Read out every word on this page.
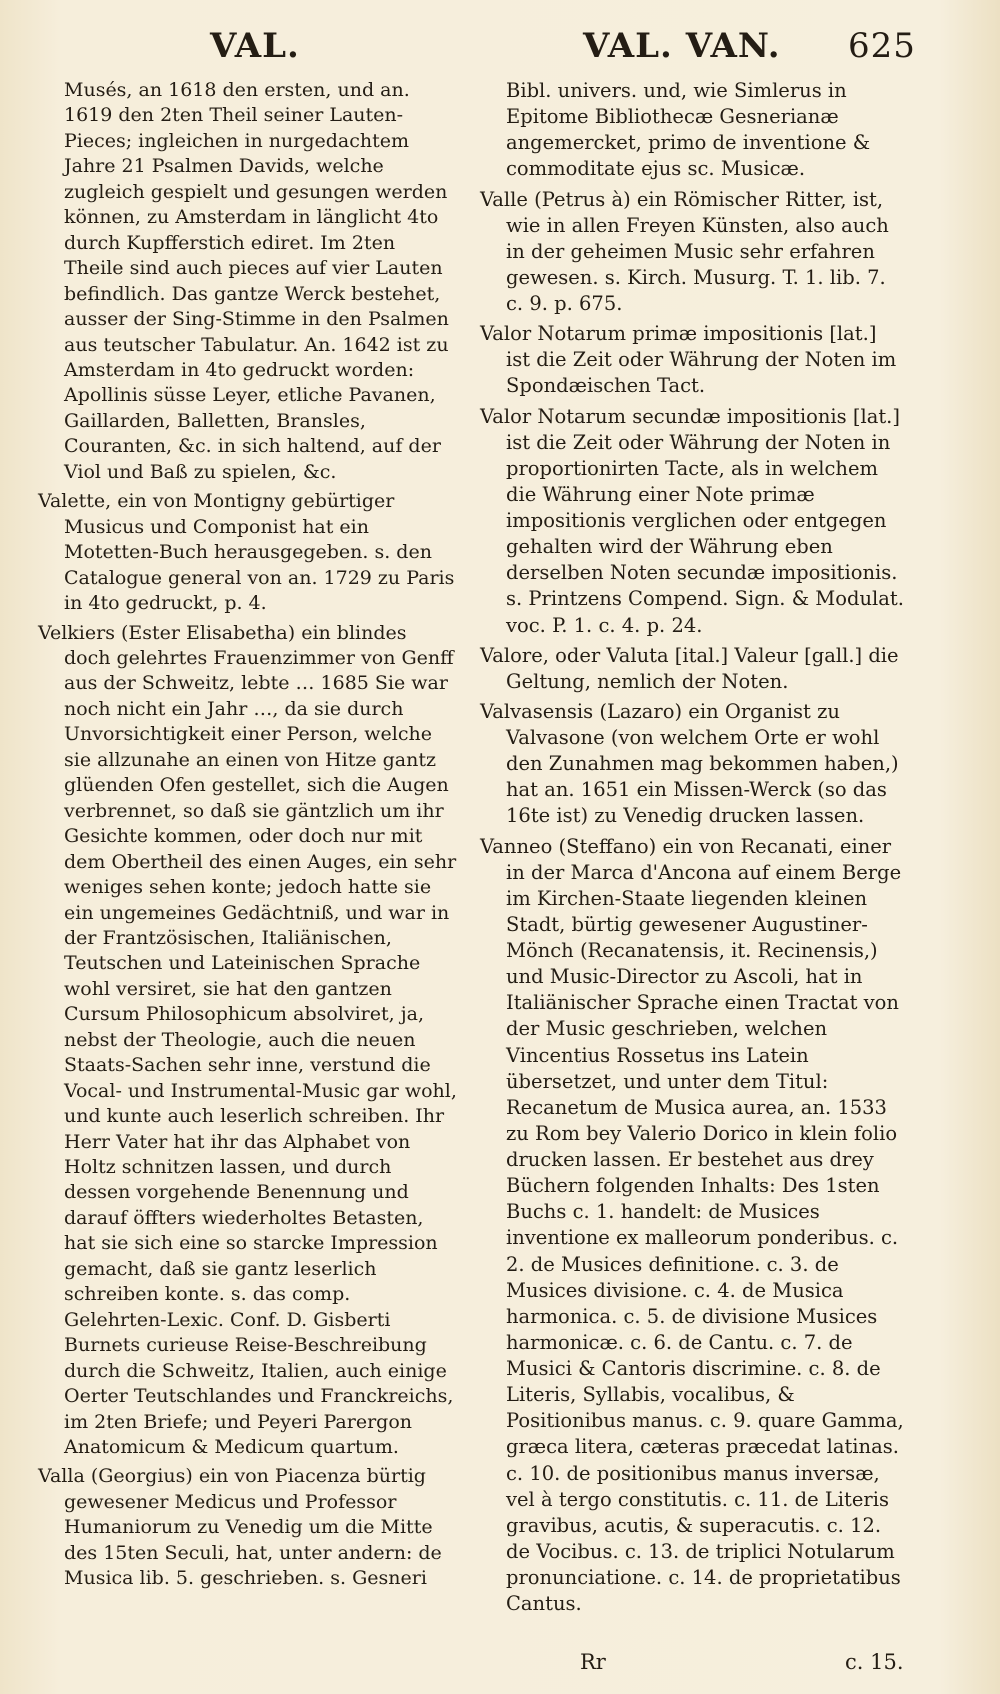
VAL.	VAL. VAN. 625

Musés, an 1618 den ersten, und an. 1619 den 2ten Theil seiner Lauten-Pieces; ingleichen in nurgedachtem Jahre 21 Psalmen Davids, welche zugleich gespielt und gesungen werden können, zu Amsterdam in länglicht 4to durch Kupfferstich ediret. Im 2ten Theile sind auch pieces auf vier Lauten befindlich. Das gantze Werck bestehet, ausser der Sing-Stimme in den Psalmen aus teutscher Tabulatur. An. 1642 ist zu Amsterdam in 4to gedruckt worden: Apollinis süsse Leyer, etliche Pavanen, Gaillarden, Balletten, Bransles, Couranten, &c. in sich haltend, auf der Viol und Baß zu spielen, &c.

Valette, ein von Montigny gebürtiger Musicus und Componist hat ein Motetten-Buch herausgegeben. s. den Catalogue general von an. 1729 zu Paris in 4to gedruckt, p. 4.

Velkiers (Ester Elisabetha) ein blindes doch gelehrtes Frauenzimmer von Genff aus der Schweitz, lebte … 1685 Sie war noch nicht ein Jahr …, da sie durch Unvorsichtigkeit einer Person, welche sie allzunahe an einen von Hitze gantz glüenden Ofen gestellet, sich die Augen verbrennet, so daß sie gäntzlich um ihr Gesichte kommen, oder doch nur mit dem Obertheil des einen Auges, ein sehr weniges sehen konte; jedoch hatte sie ein ungemeines Gedächtniß, und war in der Frantzösischen, Italiänischen, Teutschen und Lateinischen Sprache wohl versiret, sie hat den gantzen Cursum Philosophicum absolviret, ja, nebst der Theologie, auch die neuen Staats-Sachen sehr inne, verstund die Vocal- und Instrumental-Music gar wohl, und kunte auch leserlich schreiben. Ihr Herr Vater hat ihr das Alphabet von Holtz schnitzen lassen, und durch dessen vorgehende Benennung und darauf öffters wiederholtes Betasten, hat sie sich eine so starcke Impression gemacht, daß sie gantz leserlich schreiben konte. s. das comp. Gelehrten-Lexic. Conf. D. Gisberti Burnets curieuse Reise-Beschreibung durch die Schweitz, Italien, auch einige Oerter Teutschlandes und Franckreichs, im 2ten Briefe; und Peyeri Parergon Anatomicum & Medicum quartum.

Valla (Georgius) ein von Piacenza bürtig gewesener Medicus und Professor Humaniorum zu Venedig um die Mitte des 15ten Seculi, hat, unter andern: de Musica lib. 5. geschrieben. s. Gesneri

Bibl. univers. und, wie Simlerus in Epitome Bibliothecæ Gesnerianæ angemercket, primo de inventione & commoditate ejus sc. Musicæ.

Valle (Petrus à) ein Römischer Ritter, ist, wie in allen Freyen Künsten, also auch in der geheimen Music sehr erfahren gewesen. s. Kirch. Musurg. T. 1. lib. 7. c. 9. p. 675.

Valor Notarum primæ impositionis [lat.] ist die Zeit oder Währung der Noten im Spondæischen Tact.

Valor Notarum secundæ impositionis [lat.] ist die Zeit oder Währung der Noten in proportionirten Tacte, als in welchem die Währung einer Note primæ impositionis verglichen oder entgegen gehalten wird der Währung eben derselben Noten secundæ impositionis. s. Printzens Compend. Sign. & Modulat. voc. P. 1. c. 4. p. 24.

Valore, oder Valuta [ital.] Valeur [gall.] die Geltung, nemlich der Noten.

Valvasensis (Lazaro) ein Organist zu Valvasone (von welchem Orte er wohl den Zunahmen mag bekommen haben,) hat an. 1651 ein Missen-Werck (so das 16te ist) zu Venedig drucken lassen.

Vanneo (Steffano) ein von Recanati, einer in der Marca d'Ancona auf einem Berge im Kirchen-Staate liegenden kleinen Stadt, bürtig gewesener Augustiner-Mönch (Recanatensis, it. Recinensis,) und Music-Director zu Ascoli, hat in Italiänischer Sprache einen Tractat von der Music geschrieben, welchen Vincentius Rossetus ins Latein übersetzet, und unter dem Titul: Recanetum de Musica aurea, an. 1533 zu Rom bey Valerio Dorico in klein folio drucken lassen. Er bestehet aus drey Büchern folgenden Inhalts: Des 1sten Buchs c. 1. handelt: de Musices inventione ex malleorum ponderibus. c. 2. de Musices definitione. c. 3. de Musices divisione. c. 4. de Musica harmonica. c. 5. de divisione Musices harmonicæ. c. 6. de Cantu. c. 7. de Musici & Cantoris discrimine. c. 8. de Literis, Syllabis, vocalibus, & Positionibus manus. c. 9. quare Gamma, græca litera, cæteras præcedat latinas. c. 10. de positionibus manus inversæ, vel à tergo constitutis. c. 11. de Literis gravibus, acutis, & superacutis. c. 12. de Vocibus. c. 13. de triplici Notularum pronunciatione. c. 14. de proprietatibus Cantus.

Rr	c. 15.
